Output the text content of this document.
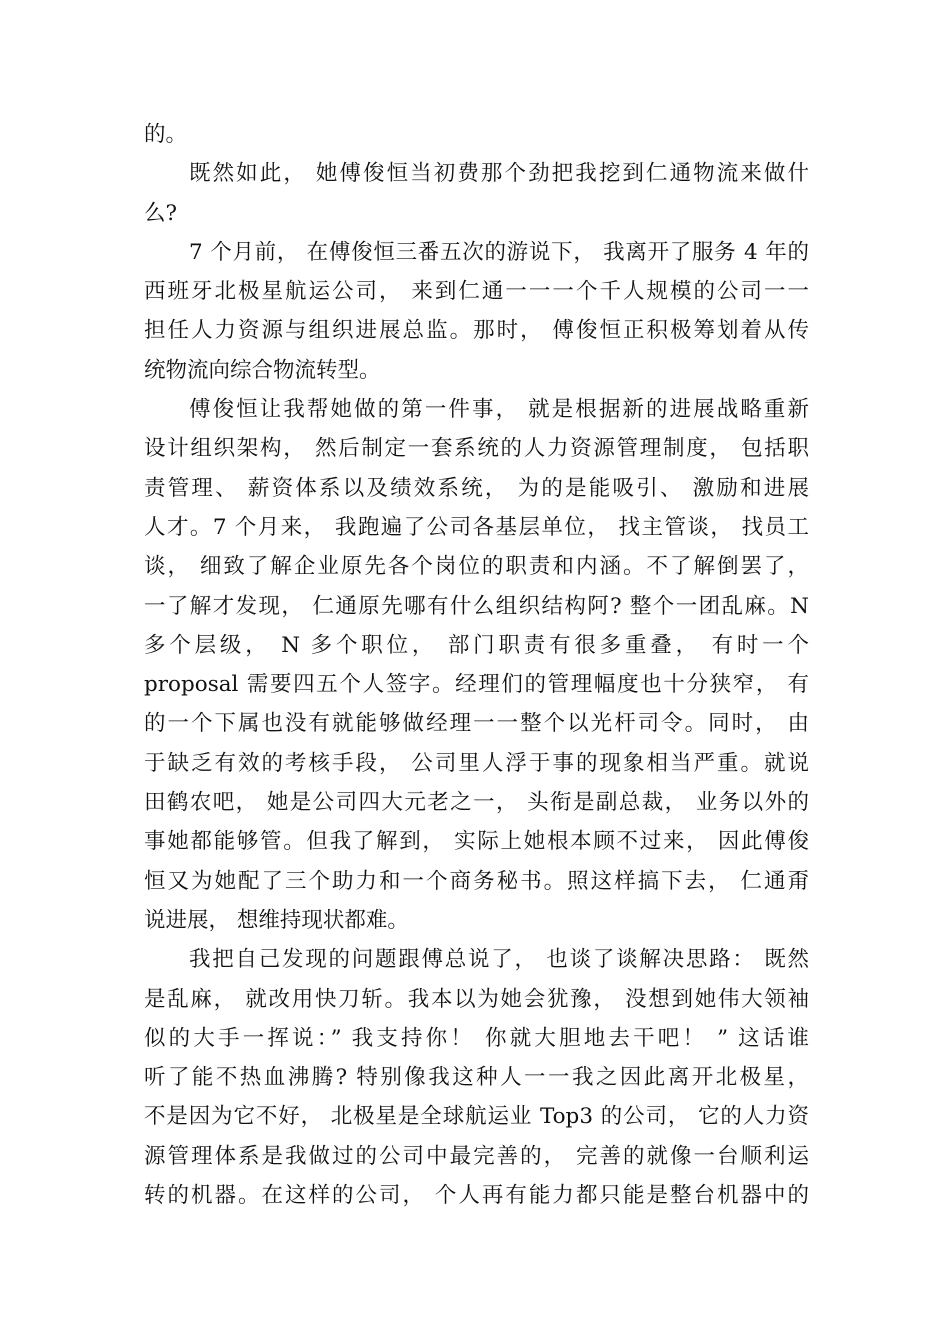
的。
既然如此， 她傅俊恒当初费那个劲把我挖到仁通物流来做什
么?
7 个月前， 在傅俊恒三番五次的游说下， 我离开了服务 4 年的
西班牙北极星航运公司， 来到仁通一一一个千人规模的公司一一
担任人力资源与组织进展总监。那时， 傅俊恒正积极筹划着从传
统物流向综合物流转型。
傅俊恒让我帮她做的第一件事， 就是根据新的进展战略重新
设计组织架构， 然后制定一套系统的人力资源管理制度， 包括职
责管理、 薪资体系以及绩效系统， 为的是能吸引、 激励和进展
人才。7 个月来， 我跑遍了公司各基层单位， 找主管谈， 找员工
谈， 细致了解企业原先各个岗位的职责和内涵。不了解倒罢了，
一了解才发现， 仁通原先哪有什么组织结构阿? 整个一团乱麻。N
多个层级， N 多个职位， 部门职责有很多重叠， 有时一个
proposal 需要四五个人签字。经理们的管理幅度也十分狭窄， 有
的一个下属也没有就能够做经理一一整个以光杆司令。同时， 由
于缺乏有效的考核手段， 公司里人浮于事的现象相当严重。就说
田鹤农吧， 她是公司四大元老之一， 头衔是副总裁， 业务以外的
事她都能够管。但我了解到， 实际上她根本顾不过来， 因此傅俊
恒又为她配了三个助力和一个商务秘书。照这样搞下去， 仁通甭
说进展， 想维持现状都难。
我把自己发现的问题跟傅总说了， 也谈了谈解决思路： 既然
是乱麻， 就改用快刀斩。我本以为她会犹豫， 没想到她伟大领袖
似的大手一挥说：” 我支持你！ 你就大胆地去干吧！ ” 这话谁
听了能不热血沸腾? 特别像我这种人一一我之因此离开北极星，
不是因为它不好， 北极星是全球航运业 Top3 的公司， 它的人力资
源管理体系是我做过的公司中最完善的， 完善的就像一台顺利运
转的机器。在这样的公司， 个人再有能力都只能是整台机器中的
